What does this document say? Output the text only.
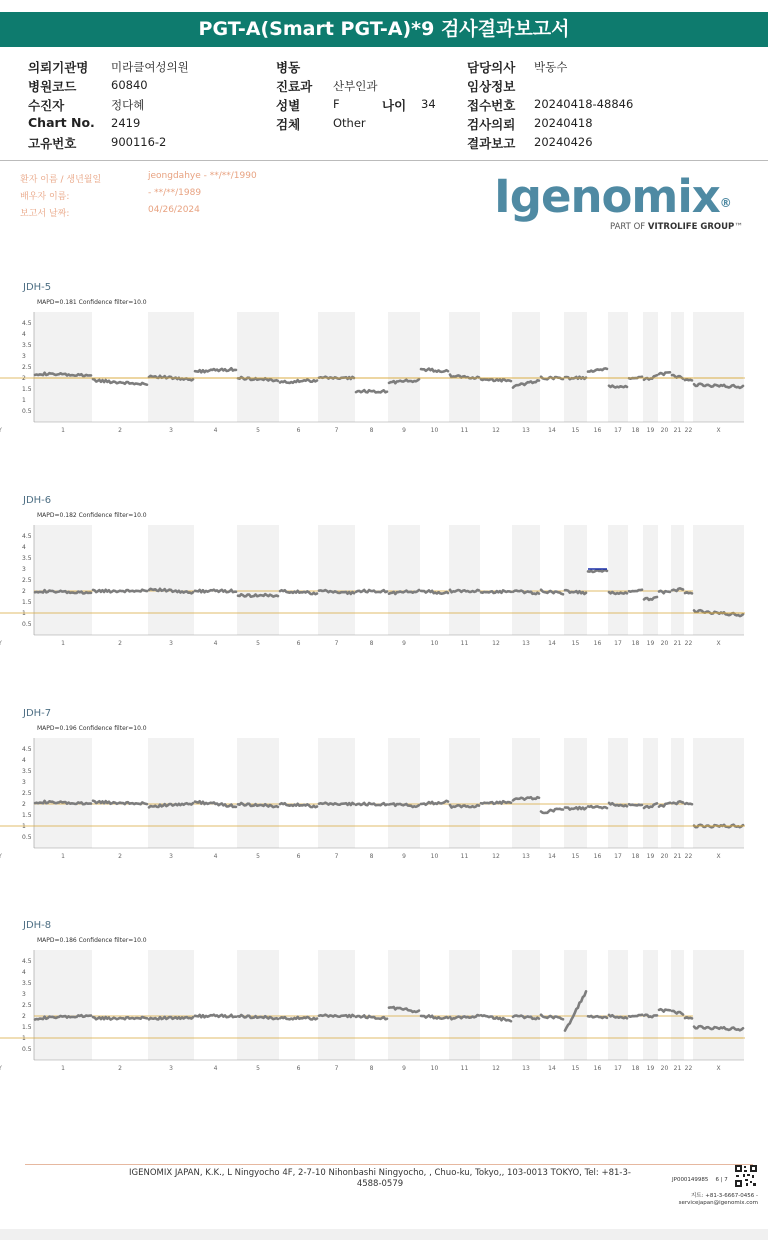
PGT-A(Smart PGT-A)*9 검사결과보고서
의뢰기관명 미라클여성의원	병동	담당의사 박동수
병원코드	60840	진료과 산부인과	임상정보
수진자	정다혜	성별	F	나이 34	접수번호 20240418-48846
Chart No. 2419	검체	Other	검사의뢰 20240418
고유번호	900116-2	결과보고 20240426
환자 이름 / 생년월일	jeongdahye - **/**/1990
배우자 이름:	- **/**/1989
보고서 날짜:	04/26/2024	Igenomix®
PART OF VITROLIFE GROUP™
JDH-5
MAPD=0.181 Confidence filter=10.0
4.5
4
3.5
3
2.5
2
1.5
1
0.5
1	2	3	4	5	6	7	8	9	10	11	12	13	14	15 16 17 18 19 20 21 22	X
JDH-6
MAPD=0.182 Confidence filter=10.0
4.5
4
3.5
3
2.5
2
1.5
1
0.5
1	2	3	4	5	6	7	8	9	10	11	12	13	14	15 16 17 18 19 20 21 22	X
JDH-7
MAPD=0.196 Confidence filter=10.0
4.5
4
3.5
3
2.5
2
1.5
1
0.5
1	2	3	4	5	6	7	8	9	10	11	12	13	14	15 16 17 18 19 20 21 22	X
JDH-8
MAPD=0.186 Confidence filter=10.0
4.5
4
3.5
3
2.5
2
1.5
1
0.5
1	2	3	4	5	6	7	8	9	10	11	12	13	14	15 16 17 18 19 20 21 22	X
IGENOMIX JAPAN, K.K., L Ningyocho 4F, 2-7-10 Nihonbashi Ningyocho, , Chuo-ku, Tokyo,, 103-0013 TOKYO, Tel: +81-3-4588-0579	JP000149985 6 | 7
지트: +81-3-6667-0456 -
servicejapan@igenomix.com
